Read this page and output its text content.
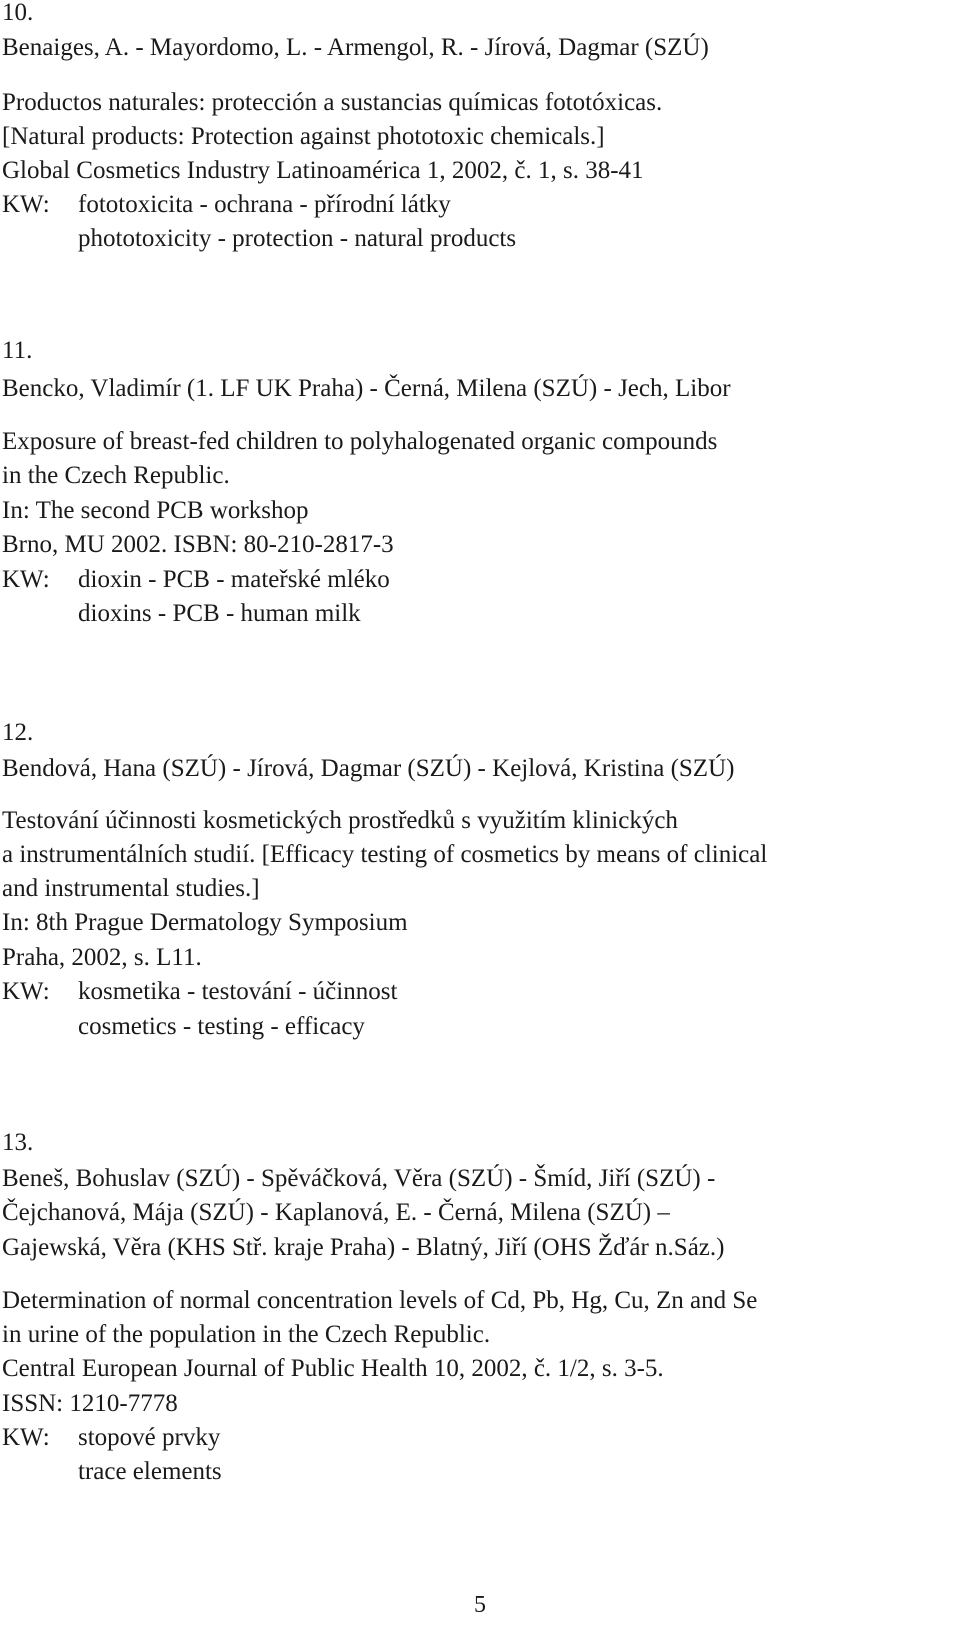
10.
Benaiges, A. - Mayordomo, L. - Armengol, R. - Jírová, Dagmar (SZÚ)
Productos naturales: protección a sustancias químicas fototóxicas.
[Natural products: Protection against phototoxic chemicals.]
Global Cosmetics Industry Latinoamérica 1, 2002, č. 1, s. 38-41
KW: fototoxicita - ochrana - přírodní látky
phototoxicity - protection - natural products
11.
Bencko, Vladimír (1. LF UK Praha) - Černá, Milena (SZÚ) - Jech, Libor
Exposure of breast-fed children to polyhalogenated organic compounds
in the Czech Republic.
In: The second PCB workshop
Brno, MU 2002. ISBN: 80-210-2817-3
KW: dioxin - PCB - mateřské mléko
dioxins - PCB - human milk
12.
Bendová, Hana (SZÚ) - Jírová, Dagmar (SZÚ) - Kejlová, Kristina (SZÚ)
Testování účinnosti kosmetických prostředků s využitím klinických
a instrumentálních studií. [Efficacy testing of cosmetics by means of clinical
and instrumental studies.]
In: 8th Prague Dermatology Symposium
Praha, 2002, s. L11.
KW: kosmetika - testování - účinnost
cosmetics - testing - efficacy
13.
Beneš, Bohuslav (SZÚ) - Spěváčková, Věra (SZÚ) - Šmíd, Jiří (SZÚ) -
Čejchanová, Mája (SZÚ) - Kaplanová, E. - Černá, Milena (SZÚ) –
Gajewská, Věra (KHS Stř. kraje Praha) - Blatný, Jiří (OHS Žďár n.Sáz.)
Determination of normal concentration levels of Cd, Pb, Hg, Cu, Zn and Se
in urine of the population in the Czech Republic.
Central European Journal of Public Health 10, 2002, č. 1/2, s. 3-5.
ISSN: 1210-7778
KW: stopové prvky
trace elements
5
